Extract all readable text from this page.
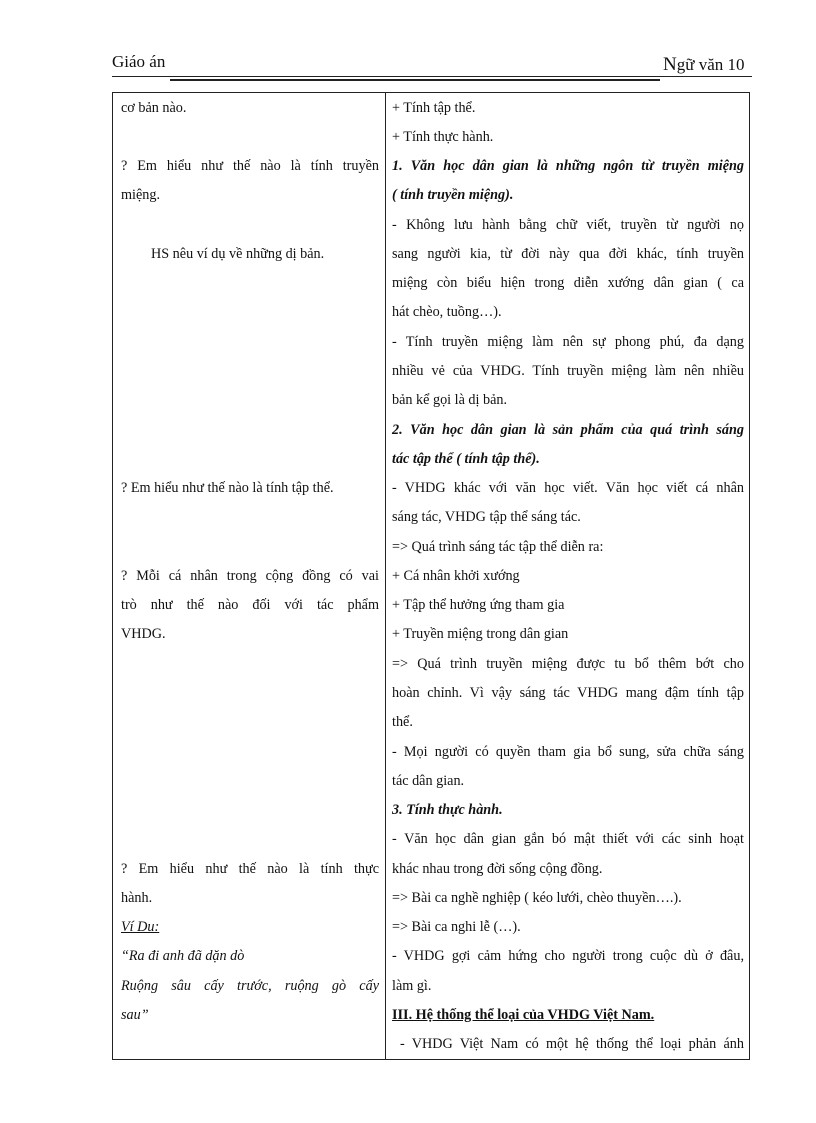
Giáo án	Ngữ văn 10
cơ bản nào.
? Em hiểu như thế nào là tính truyền
miệng.
HS nêu ví dụ về những dị bản.
? Em hiểu như thế nào là tính tập thể.
? Mỗi cá nhân trong cộng đồng có vai
trò như thế nào đối với tác phẩm
VHDG.
? Em hiểu như thế nào là tính thực
hành.
Ví Du:
“Ra đi anh đã dặn dò
Ruộng sâu cấy trước, ruộng gò cấy
sau”
+ Tính tập thể.
+ Tính thực hành.
1. Văn học dân gian là những ngôn từ truyền miệng
( tính truyền miệng).
- Không lưu hành bằng chữ viết, truyền từ người nọ
sang người kia, từ đời này qua đời khác, tính truyền
miệng còn biểu hiện trong diễn xướng dân gian ( ca
hát chèo, tuồng…).
- Tính truyền miệng làm nên sự phong phú, đa dạng
nhiều vẻ của VHDG. Tính truyền miệng làm nên nhiều
bản kể gọi là dị bản.
2. Văn học dân gian là sản phẩm của quá trình sáng
tác tập thể ( tính tập thể).
- VHDG khác với văn học viết. Văn học viết cá nhân
sáng tác, VHDG tập thể sáng tác.
=> Quá trình sáng tác tập thể diễn ra:
+ Cá nhân khởi xướng
+ Tập thể hưởng ứng tham gia
+ Truyền miệng trong dân gian
=> Quá trình truyền miệng được tu bổ thêm bớt cho
hoàn chỉnh. Vì vậy sáng tác VHDG mang đậm tính tập
thể.
- Mọi người có quyền tham gia bổ sung, sửa chữa sáng
tác dân gian.
3. Tính thực hành.
- Văn học dân gian gắn bó mật thiết với các sinh hoạt
khác nhau trong đời sống cộng đồng.
=> Bài ca nghề nghiệp ( kéo lưới, chèo thuyền….).
=> Bài ca nghi lễ (…).
- VHDG gợi cảm hứng cho người trong cuộc dù ở đâu,
làm gì.
III. Hệ thống thể loại của VHDG Việt Nam.
- VHDG Việt Nam có một hệ thống thể loại phản ánh
